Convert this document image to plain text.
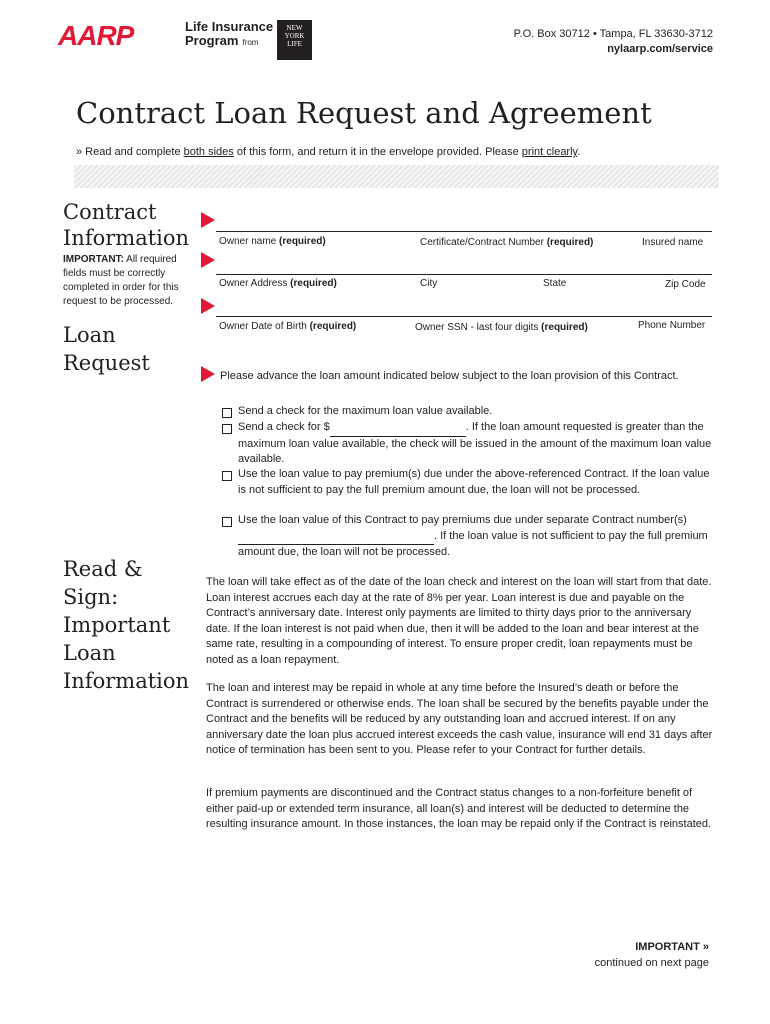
AARP	Life Insurance
Program from
NEW
YORK
LIFE
P.O. Box 30712 • Tampa, FL 33630-3712
nylaarp.com/service
Contract Loan Request and Agreement
» Read and complete both sides of this form, and return it in the envelope provided. Please print clearly.
Contract Information
IMPORTANT: All required fields must be correctly completed in order for this request to be processed.
Loan Request
Read & Sign: Important Loan Information
Owner name (required)	Certificate/Contract Number (required)	Insured name
Owner Address (required)	City	State	Zip Code
Owner Date of Birth (required)	Owner SSN - last four digits (required)	Phone Number
Please advance the loan amount indicated below subject to the loan provision of this Contract.
Send a check for the maximum loan value available.
Send a check for $	. If the loan amount requested is greater than the maximum loan value available, the check will be issued in the amount of the maximum loan value available.
Use the loan value to pay premium(s) due under the above-referenced Contract. If the loan value is not sufficient to pay the full premium amount due, the loan will not be processed.
Use the loan value of this Contract to pay premiums due under separate Contract number(s) . If the loan value is not sufficient to pay the full premium amount due, the loan will not be processed.
The loan will take effect as of the date of the loan check and interest on the loan will start from that date. Loan interest accrues each day at the rate of 8% per year. Loan interest is due and payable on the Contract’s anniversary date. Interest only payments are limited to thirty days prior to the anniversary date. If the loan interest is not paid when due, then it will be added to the loan and bear interest at the same rate, resulting in a compounding of interest. To ensure proper credit, loan repayments must be noted as a loan repayment.
The loan and interest may be repaid in whole at any time before the Insured’s death or before the Contract is surrendered or otherwise ends. The loan shall be secured by the benefits payable under the Contract and the benefits will be reduced by any outstanding loan and accrued interest. If on any anniversary date the loan plus accrued interest exceeds the cash value, insurance will end 31 days after notice of termination has been sent to you. Please refer to your Contract for further details.
If premium payments are discontinued and the Contract status changes to a non-forfeiture benefit of either paid-up or extended term insurance, all loan(s) and interest will be deducted to determine the resulting insurance amount. In those instances, the loan may be repaid only if the Contract is reinstated.
IMPORTANT »
continued on next page
